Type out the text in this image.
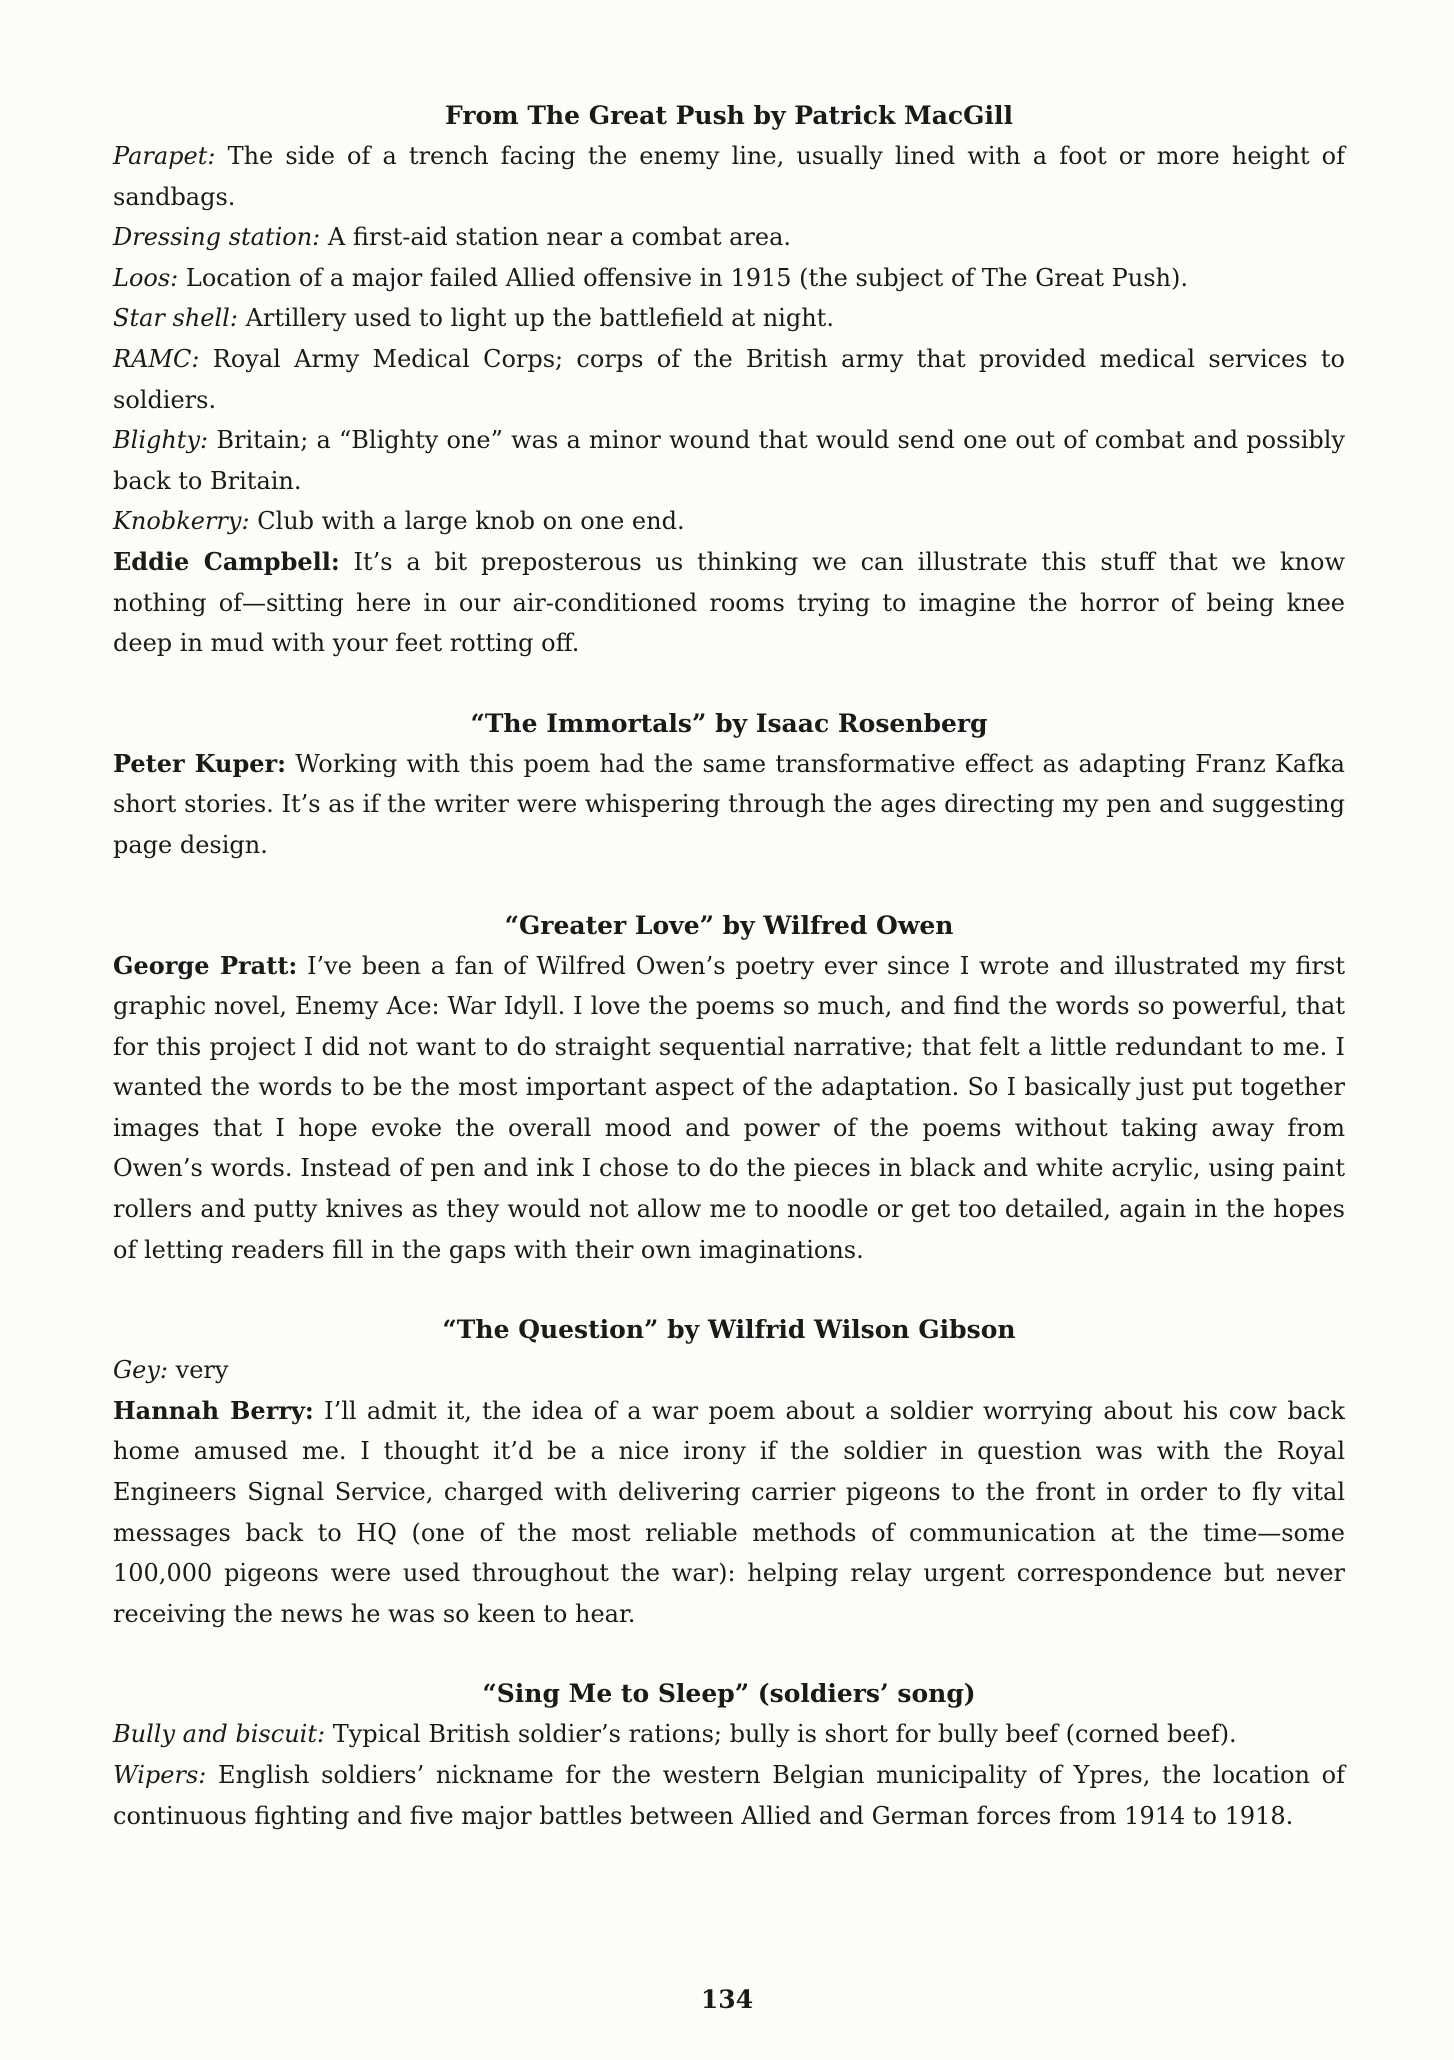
From The Great Push by Patrick MacGill

Parapet: The side of a trench facing the enemy line, usually lined with a foot or more height of sandbags.

Dressing station: A first-aid station near a combat area.

Loos: Location of a major failed Allied offensive in 1915 (the subject of The Great Push).

Star shell: Artillery used to light up the battlefield at night.

RAMC: Royal Army Medical Corps; corps of the British army that provided medical services to soldiers.

Blighty: Britain; a “Blighty one” was a minor wound that would send one out of combat and possibly back to Britain.

Knobkerry: Club with a large knob on one end.

Eddie Campbell: It’s a bit preposterous us thinking we can illustrate this stuff that we know nothing of—sitting here in our air-conditioned rooms trying to imagine the horror of being knee deep in mud with your feet rotting off.

“The Immortals” by Isaac Rosenberg

Peter Kuper: Working with this poem had the same transformative effect as adapting Franz Kafka short stories. It’s as if the writer were whispering through the ages directing my pen and suggesting page design.

“Greater Love” by Wilfred Owen

George Pratt: I’ve been a fan of Wilfred Owen’s poetry ever since I wrote and illustrated my first graphic novel, Enemy Ace: War Idyll. I love the poems so much, and find the words so powerful, that for this project I did not want to do straight sequential narrative; that felt a little redundant to me. I wanted the words to be the most important aspect of the adaptation. So I basically just put together images that I hope evoke the overall mood and power of the poems without taking away from Owen’s words. Instead of pen and ink I chose to do the pieces in black and white acrylic, using paint rollers and putty knives as they would not allow me to noodle or get too detailed, again in the hopes of letting readers fill in the gaps with their own imaginations.

“The Question” by Wilfrid Wilson Gibson

Gey: very

Hannah Berry: I’ll admit it, the idea of a war poem about a soldier worrying about his cow back home amused me. I thought it’d be a nice irony if the soldier in question was with the Royal Engineers Signal Service, charged with delivering carrier pigeons to the front in order to fly vital messages back to HQ (one of the most reliable methods of communication at the time—some 100,000 pigeons were used throughout the war): helping relay urgent correspondence but never receiving the news he was so keen to hear.

“Sing Me to Sleep” (soldiers’ song)

Bully and biscuit: Typical British soldier’s rations; bully is short for bully beef (corned beef).

Wipers: English soldiers’ nickname for the western Belgian municipality of Ypres, the location of continuous fighting and five major battles between Allied and German forces from 1914 to 1918.

134
